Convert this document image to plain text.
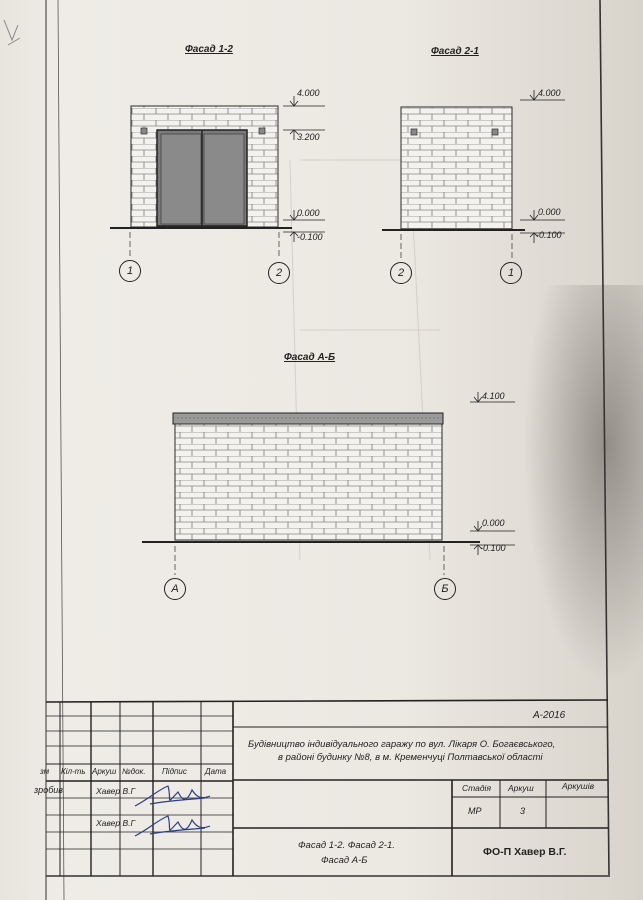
Фасад 1-2
4.000
3.200
0.000
-0.100
1	2
Фасад 2-1
4.000
0.000
-0.100
2	1
Фасад А-Б
4.100
0.000
-0.100
А	Б
А-2016
Будівництво індивідуального гаражу по вул. Лікаря О. Богаєвського,
в районі будинку №8, в м. Кременчуці Полтавської області
зм Кіл-ть Аркуш №док. Підпис Дата
зробив	Хавер В.Г
Хавер В.Г
Стадія Аркуш	Аркушів
МР	3
Фасад 1-2. Фасад 2-1.
Фасад А-Б
ФО-П Хавер В.Г.
